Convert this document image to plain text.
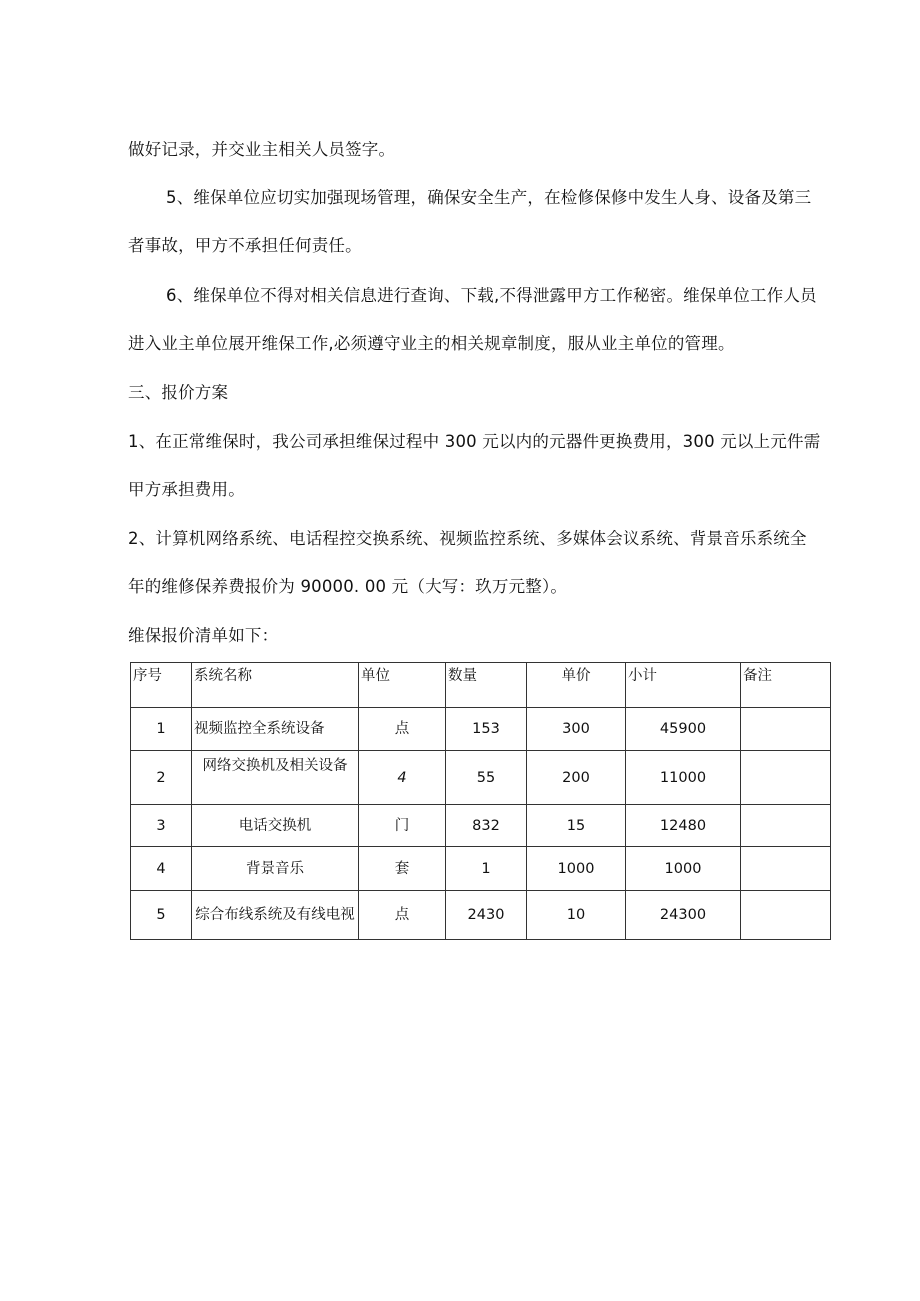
做好记录，并交业主相关人员签字。
5、维保单位应切实加强现场管理，确保安全生产，在检修保修中发生人身、设备及第三
者事故，甲方不承担任何责任。
6、维保单位不得对相关信息进行查询、下载,不得泄露甲方工作秘密。维保单位工作人员
进入业主单位展开维保工作,必须遵守业主的相关规章制度，服从业主单位的管理。
三、报价方案
1、在正常维保时，我公司承担维保过程中 300 元以内的元器件更换费用，300 元以上元件需
甲方承担费用。
2、计算机网络系统、电话程控交换系统、视频监控系统、多媒体会议系统、背景音乐系统全
年的维修保养费报价为 90000. 00 元（大写：玖万元整）。
维保报价清单如下：
序号	系统名称	单位	数量	单价	小计	备注
1	视频监控全系统设备	点	153	300	45900	
2	网络交换机及相关设备	4	55	200	11000	
3	电话交换机	门	832	15	12480	
4	背景音乐	套	1	1000	1000	
5	综合布线系统及有线电视	点	2430	10	24300	
